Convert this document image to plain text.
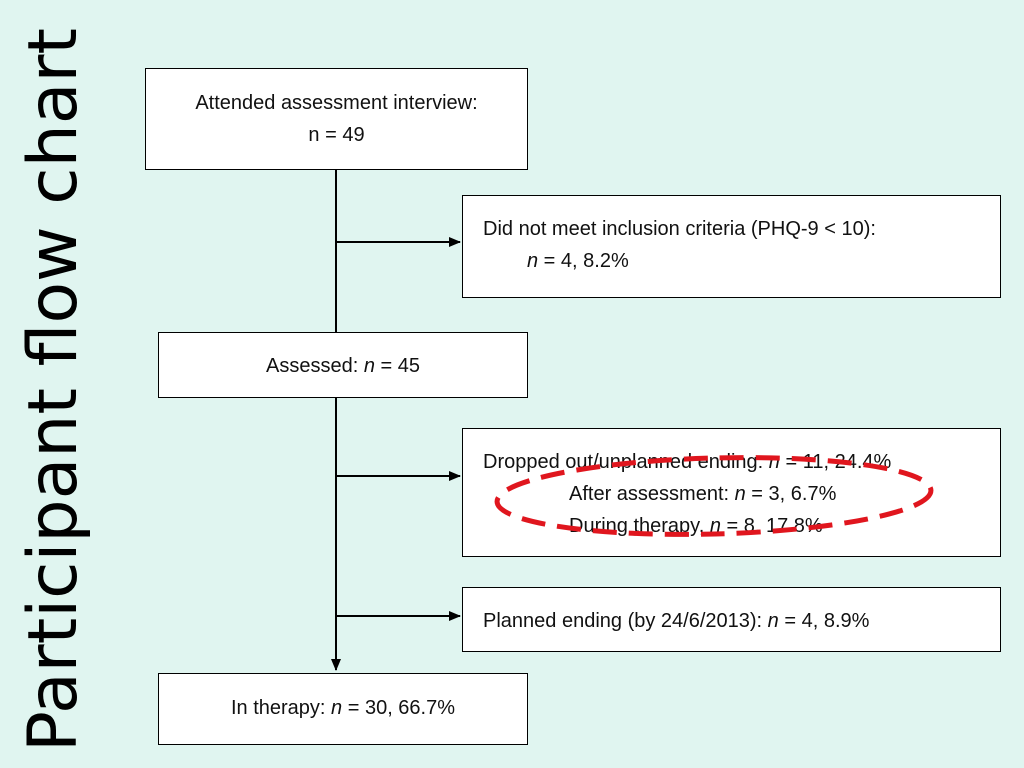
Participant flow chart	Attended assessment interview:
n = 49
Did not meet inclusion criteria (PHQ-9 < 10):
n = 4, 8.2%
Assessed: n = 45
Dropped out/unplanned ending: n = 11, 24.4%
After assessment: n = 3, 6.7%
During therapy, n = 8, 17.8%
Planned ending (by 24/6/2013): n = 4, 8.9%
In therapy: n = 30, 66.7%
